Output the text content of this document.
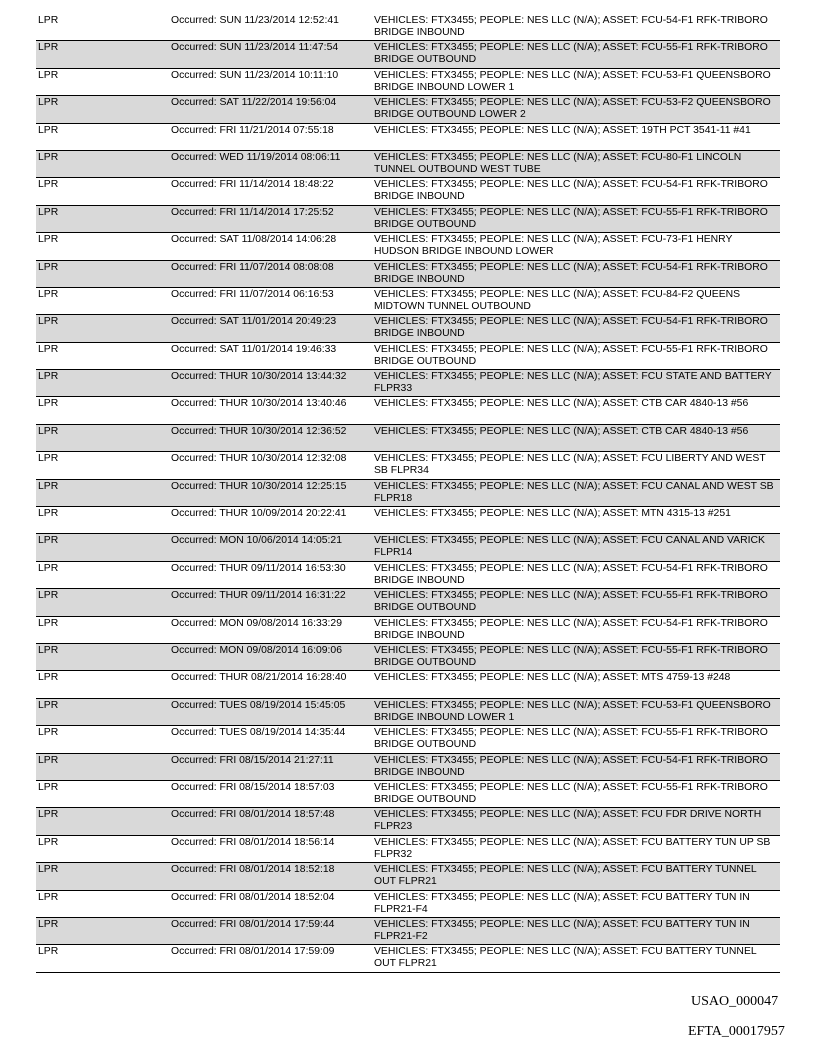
LPR	Occurred: SUN 11/23/2014 12:52:41	VEHICLES: FTX3455; PEOPLE: NES LLC (N/A); ASSET: FCU-54-F1 RFK-TRIBORO BRIDGE INBOUND
LPR	Occurred: SUN 11/23/2014 11:47:54	VEHICLES: FTX3455; PEOPLE: NES LLC (N/A); ASSET: FCU-55-F1 RFK-TRIBORO BRIDGE OUTBOUND
LPR	Occurred: SUN 11/23/2014 10:11:10	VEHICLES: FTX3455; PEOPLE: NES LLC (N/A); ASSET: FCU-53-F1 QUEENSBORO BRIDGE INBOUND LOWER 1
LPR	Occurred: SAT 11/22/2014 19:56:04	VEHICLES: FTX3455; PEOPLE: NES LLC (N/A); ASSET: FCU-53-F2 QUEENSBORO BRIDGE OUTBOUND LOWER 2
LPR	Occurred: FRI 11/21/2014 07:55:18	VEHICLES: FTX3455; PEOPLE: NES LLC (N/A); ASSET: 19TH PCT 3541-11 #41
LPR	Occurred: WED 11/19/2014 08:06:11	VEHICLES: FTX3455; PEOPLE: NES LLC (N/A); ASSET: FCU-80-F1 LINCOLN TUNNEL OUTBOUND WEST TUBE
LPR	Occurred: FRI 11/14/2014 18:48:22	VEHICLES: FTX3455; PEOPLE: NES LLC (N/A); ASSET: FCU-54-F1 RFK-TRIBORO BRIDGE INBOUND
LPR	Occurred: FRI 11/14/2014 17:25:52	VEHICLES: FTX3455; PEOPLE: NES LLC (N/A); ASSET: FCU-55-F1 RFK-TRIBORO BRIDGE OUTBOUND
LPR	Occurred: SAT 11/08/2014 14:06:28	VEHICLES: FTX3455; PEOPLE: NES LLC (N/A); ASSET: FCU-73-F1 HENRY HUDSON BRIDGE INBOUND LOWER
LPR	Occurred: FRI 11/07/2014 08:08:08	VEHICLES: FTX3455; PEOPLE: NES LLC (N/A); ASSET: FCU-54-F1 RFK-TRIBORO BRIDGE INBOUND
LPR	Occurred: FRI 11/07/2014 06:16:53	VEHICLES: FTX3455; PEOPLE: NES LLC (N/A); ASSET: FCU-84-F2 QUEENS MIDTOWN TUNNEL OUTBOUND
LPR	Occurred: SAT 11/01/2014 20:49:23	VEHICLES: FTX3455; PEOPLE: NES LLC (N/A); ASSET: FCU-54-F1 RFK-TRIBORO BRIDGE INBOUND
LPR	Occurred: SAT 11/01/2014 19:46:33	VEHICLES: FTX3455; PEOPLE: NES LLC (N/A); ASSET: FCU-55-F1 RFK-TRIBORO BRIDGE OUTBOUND
LPR	Occurred: THUR 10/30/2014 13:44:32	VEHICLES: FTX3455; PEOPLE: NES LLC (N/A); ASSET: FCU STATE AND BATTERY FLPR33
LPR	Occurred: THUR 10/30/2014 13:40:46	VEHICLES: FTX3455; PEOPLE: NES LLC (N/A); ASSET: CTB CAR 4840-13 #56
LPR	Occurred: THUR 10/30/2014 12:36:52	VEHICLES: FTX3455; PEOPLE: NES LLC (N/A); ASSET: CTB CAR 4840-13 #56
LPR	Occurred: THUR 10/30/2014 12:32:08	VEHICLES: FTX3455; PEOPLE: NES LLC (N/A); ASSET: FCU LIBERTY AND WEST SB FLPR34
LPR	Occurred: THUR 10/30/2014 12:25:15	VEHICLES: FTX3455; PEOPLE: NES LLC (N/A); ASSET: FCU CANAL AND WEST SB FLPR18
LPR	Occurred: THUR 10/09/2014 20:22:41	VEHICLES: FTX3455; PEOPLE: NES LLC (N/A); ASSET: MTN 4315-13 #251
LPR	Occurred: MON 10/06/2014 14:05:21	VEHICLES: FTX3455; PEOPLE: NES LLC (N/A); ASSET: FCU CANAL AND VARICK FLPR14
LPR	Occurred: THUR 09/11/2014 16:53:30	VEHICLES: FTX3455; PEOPLE: NES LLC (N/A); ASSET: FCU-54-F1 RFK-TRIBORO BRIDGE INBOUND
LPR	Occurred: THUR 09/11/2014 16:31:22	VEHICLES: FTX3455; PEOPLE: NES LLC (N/A); ASSET: FCU-55-F1 RFK-TRIBORO BRIDGE OUTBOUND
LPR	Occurred: MON 09/08/2014 16:33:29	VEHICLES: FTX3455; PEOPLE: NES LLC (N/A); ASSET: FCU-54-F1 RFK-TRIBORO BRIDGE INBOUND
LPR	Occurred: MON 09/08/2014 16:09:06	VEHICLES: FTX3455; PEOPLE: NES LLC (N/A); ASSET: FCU-55-F1 RFK-TRIBORO BRIDGE OUTBOUND
LPR	Occurred: THUR 08/21/2014 16:28:40	VEHICLES: FTX3455; PEOPLE: NES LLC (N/A); ASSET: MTS 4759-13 #248
LPR	Occurred: TUES 08/19/2014 15:45:05	VEHICLES: FTX3455; PEOPLE: NES LLC (N/A); ASSET: FCU-53-F1 QUEENSBORO BRIDGE INBOUND LOWER 1
LPR	Occurred: TUES 08/19/2014 14:35:44	VEHICLES: FTX3455; PEOPLE: NES LLC (N/A); ASSET: FCU-55-F1 RFK-TRIBORO BRIDGE OUTBOUND
LPR	Occurred: FRI 08/15/2014 21:27:11	VEHICLES: FTX3455; PEOPLE: NES LLC (N/A); ASSET: FCU-54-F1 RFK-TRIBORO BRIDGE INBOUND
LPR	Occurred: FRI 08/15/2014 18:57:03	VEHICLES: FTX3455; PEOPLE: NES LLC (N/A); ASSET: FCU-55-F1 RFK-TRIBORO BRIDGE OUTBOUND
LPR	Occurred: FRI 08/01/2014 18:57:48	VEHICLES: FTX3455; PEOPLE: NES LLC (N/A); ASSET: FCU FDR DRIVE NORTH FLPR23
LPR	Occurred: FRI 08/01/2014 18:56:14	VEHICLES: FTX3455; PEOPLE: NES LLC (N/A); ASSET: FCU BATTERY TUN UP SB FLPR32
LPR	Occurred: FRI 08/01/2014 18:52:18	VEHICLES: FTX3455; PEOPLE: NES LLC (N/A); ASSET: FCU BATTERY TUNNEL OUT FLPR21
LPR	Occurred: FRI 08/01/2014 18:52:04	VEHICLES: FTX3455; PEOPLE: NES LLC (N/A); ASSET: FCU BATTERY TUN IN FLPR21-F4
LPR	Occurred: FRI 08/01/2014 17:59:44	VEHICLES: FTX3455; PEOPLE: NES LLC (N/A); ASSET: FCU BATTERY TUN IN FLPR21-F2
LPR	Occurred: FRI 08/01/2014 17:59:09	VEHICLES: FTX3455; PEOPLE: NES LLC (N/A); ASSET: FCU BATTERY TUNNEL OUT FLPR21
USAO_000047
EFTA_00017957
